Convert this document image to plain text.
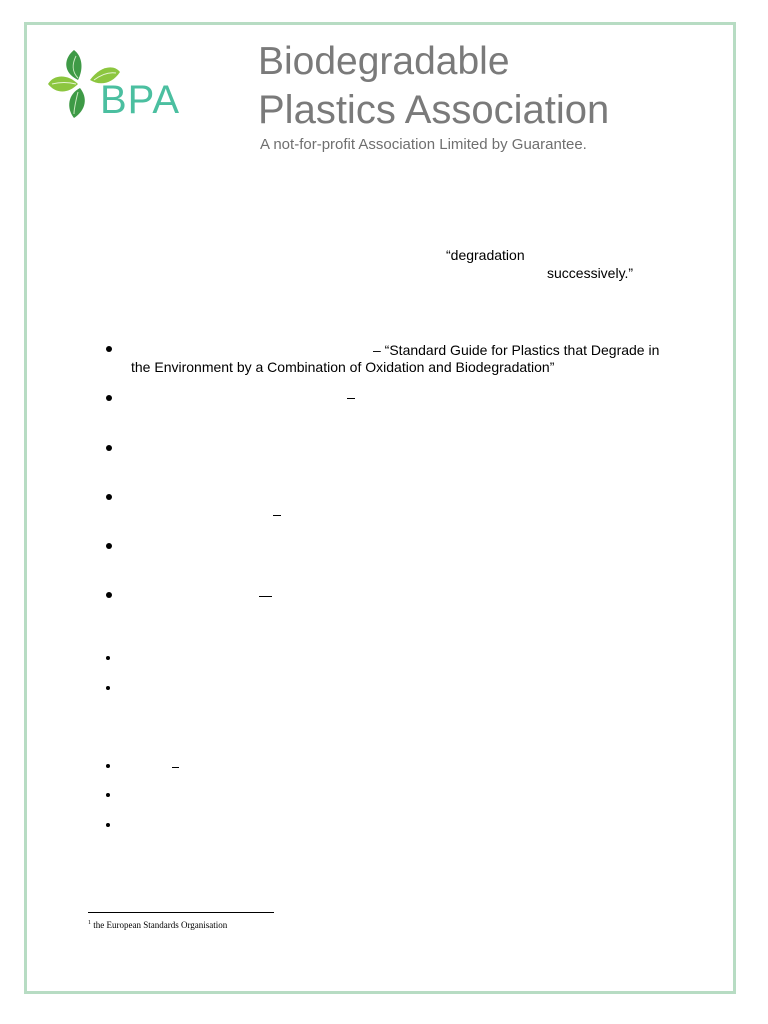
BPA
Biodegradable
Plastics Association
A not-for-profit Association Limited by Guarantee.
“degradation
successively.”
– “Standard Guide for Plastics that Degrade in
the Environment by a Combination of Oxidation and Biodegradation”
$^1$ the European Standards Organisation
